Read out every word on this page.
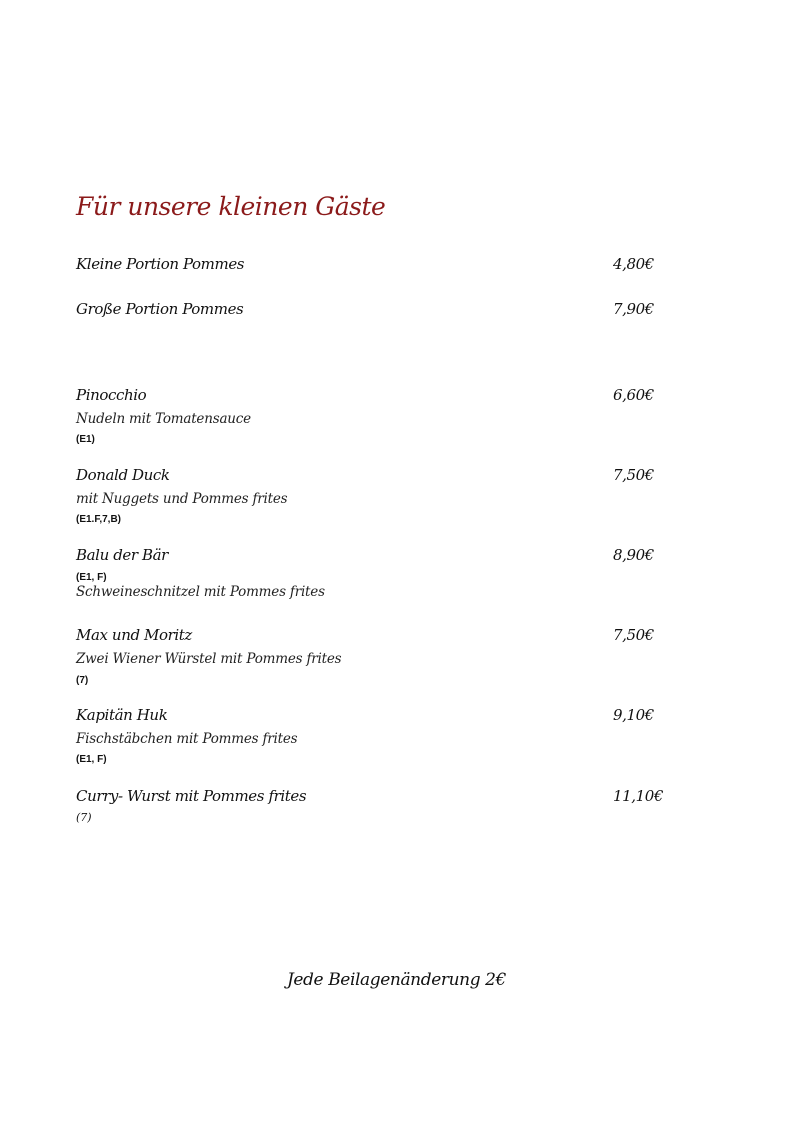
Für unsere kleinen Gäste
Kleine Portion Pommes	4,80€
Große Portion Pommes	7,90€
Pinocchio	6,60€
Nudeln mit Tomatensauce
(E1)
Donald Duck	7,50€
mit Nuggets und Pommes frites
(E1.F,7,B)
Balu der Bär	8,90€
(E1, F)
Schweineschnitzel mit Pommes frites
Max und Moritz	7,50€
Zwei Wiener Würstel mit Pommes frites
(7)
Kapitän Huk	9,10€
Fischstäbchen mit Pommes frites
(E1, F)
Curry- Wurst mit Pommes frites	11,10€
(7)
Jede Beilagenänderung 2€
